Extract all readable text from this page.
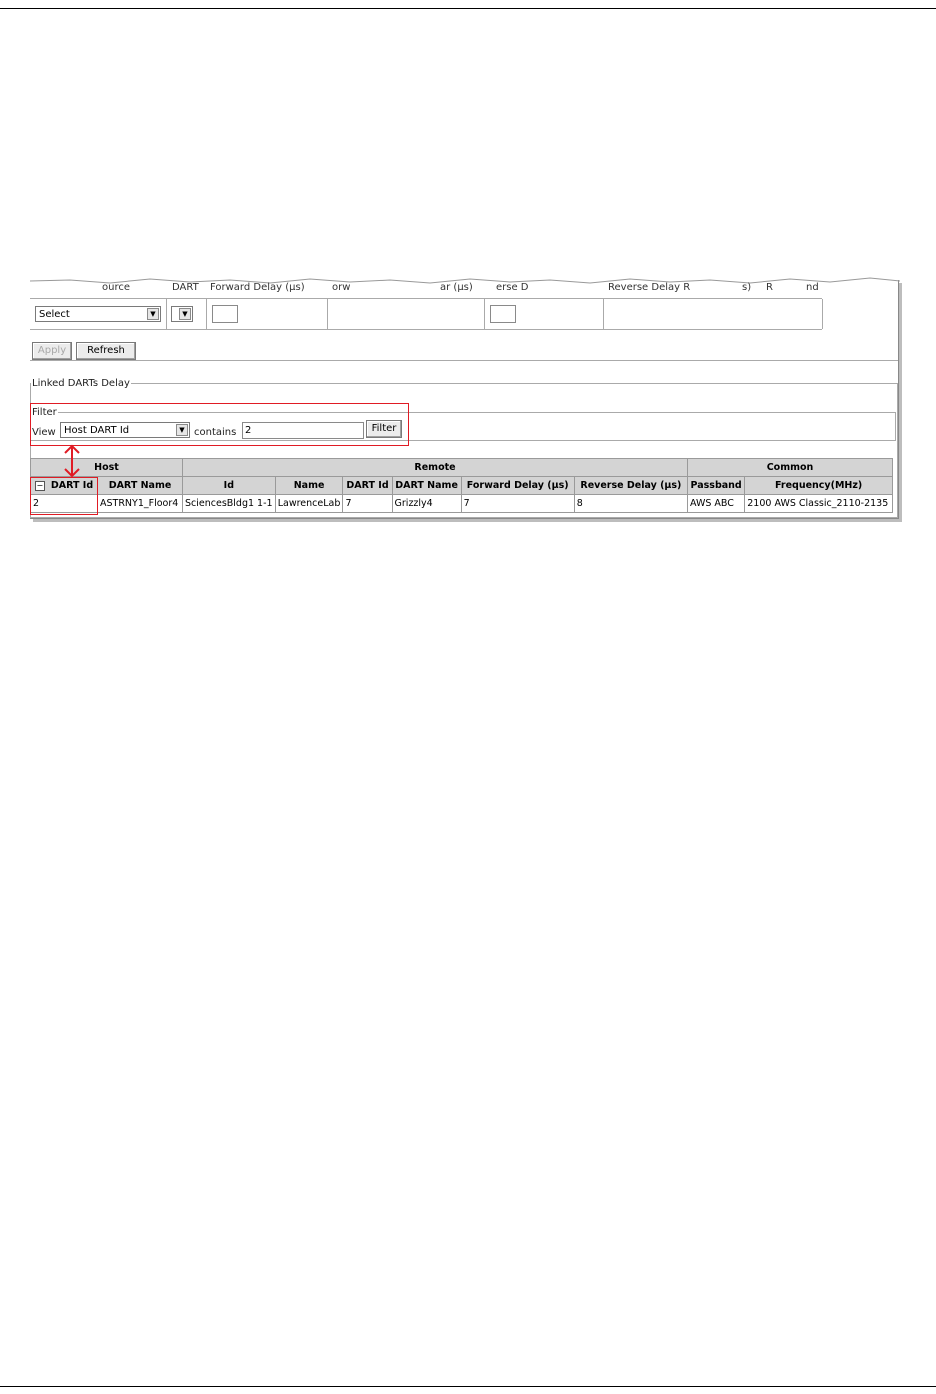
ource	DART	Forward Delay (µs)	orw	ar (µs)	erse D	Reverse Delay R	s)	R	nd
Select	▼	▼
Apply	Refresh
Linked DARTs Delay
Filter
View Host DART Id	▼ contains 2	Filter
Host		Remote						Common	
− DART Id	DART Name	Id	Name	DART Id	DART Name	Forward Delay (µs)	Reverse Delay (µs)	Passband	Frequency(MHz)
2	ASTRNY1_Floor4	SciencesBldg1 1-1	LawrenceLab	7	Grizzly4	7	8	AWS ABC	2100 AWS Classic_2110-2135
